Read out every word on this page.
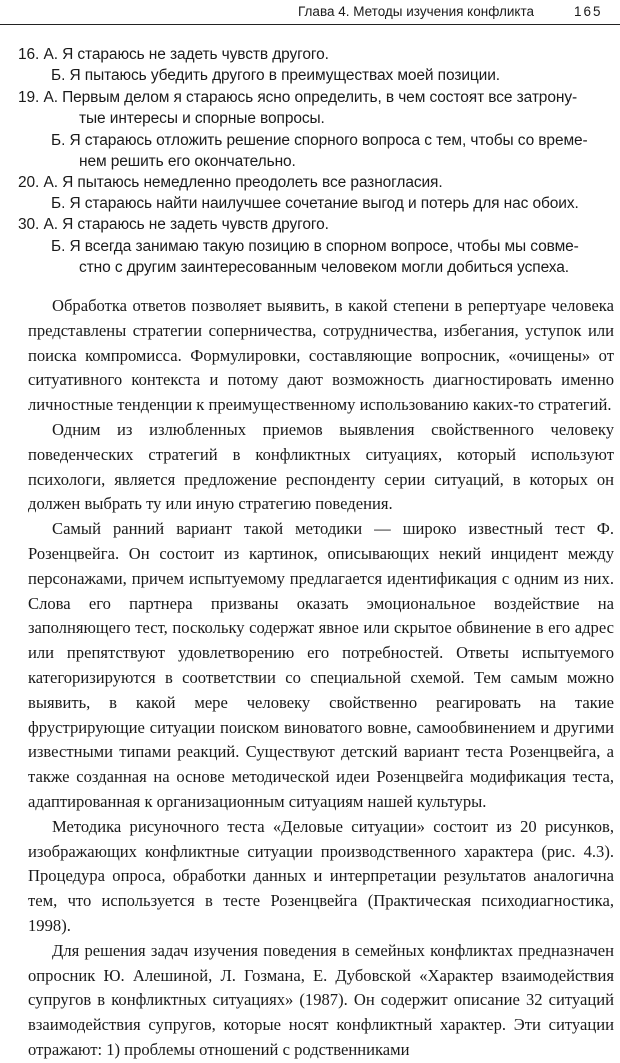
Глава 4. Методы изучения конфликта	165
16. А. Я стараюсь не задеть чувств другого.
Б. Я пытаюсь убедить другого в преимуществах моей позиции.
19. А. Первым делом я стараюсь ясно определить, в чем состоят все затрону-
тые интересы и спорные вопросы.
Б. Я стараюсь отложить решение спорного вопроса с тем, чтобы со време-
нем решить его окончательно.
20. А. Я пытаюсь немедленно преодолеть все разногласия.
Б. Я стараюсь найти наилучшее сочетание выгод и потерь для нас обоих.
30. А. Я стараюсь не задеть чувств другого.
Б. Я всегда занимаю такую позицию в спорном вопросе, чтобы мы совме-
стно с другим заинтересованным человеком могли добиться успеха.

Обработка ответов позволяет выявить, в какой степени в репертуаре человека представлены стратегии соперничества, сотрудничества, избегания, уступок или поиска компромисса. Формулировки, составляющие вопросник, «очищены» от ситуативного контекста и потому дают возможность диагностировать именно личностные тенденции к преимущественному использованию каких-то стратегий.

Одним из излюбленных приемов выявления свойственного человеку поведенческих стратегий в конфликтных ситуациях, который используют психологи, является предложение респонденту серии ситуаций, в которых он должен выбрать ту или иную стратегию поведения.

Самый ранний вариант такой методики — широко известный тест Ф. Розенцвейга. Он состоит из картинок, описывающих некий инцидент между персонажами, причем испытуемому предлагается идентификация с одним из них. Слова его партнера призваны оказать эмоциональное воздействие на заполняющего тест, поскольку содержат явное или скрытое обвинение в его адрес или препятствуют удовлетворению его потребностей. Ответы испытуемого категоризируются в соответствии со специальной схемой. Тем самым можно выявить, в какой мере человеку свойственно реагировать на такие фрустрирующие ситуации поиском виноватого вовне, самообвинением и другими известными типами реакций. Существуют детский вариант теста Розенцвейга, а также созданная на основе методической идеи Розенцвейга модификация теста, адаптированная к организационным ситуациям нашей культуры.

Методика рисуночного теста «Деловые ситуации» состоит из 20 рисунков, изображающих конфликтные ситуации производственного характера (рис. 4.3). Процедура опроса, обработки данных и интерпретации результатов аналогична тем, что используется в тесте Розенцвейга (Практическая психодиагностика, 1998).

Для решения задач изучения поведения в семейных конфликтах предназначен опросник Ю. Алешиной, Л. Гозмана, Е. Дубовской «Характер взаимодействия супругов в конфликтных ситуациях» (1987). Он содержит описание 32 ситуаций взаимодействия супругов, которые носят конфликтный характер. Эти ситуации отражают: 1) проблемы отношений с родственниками
